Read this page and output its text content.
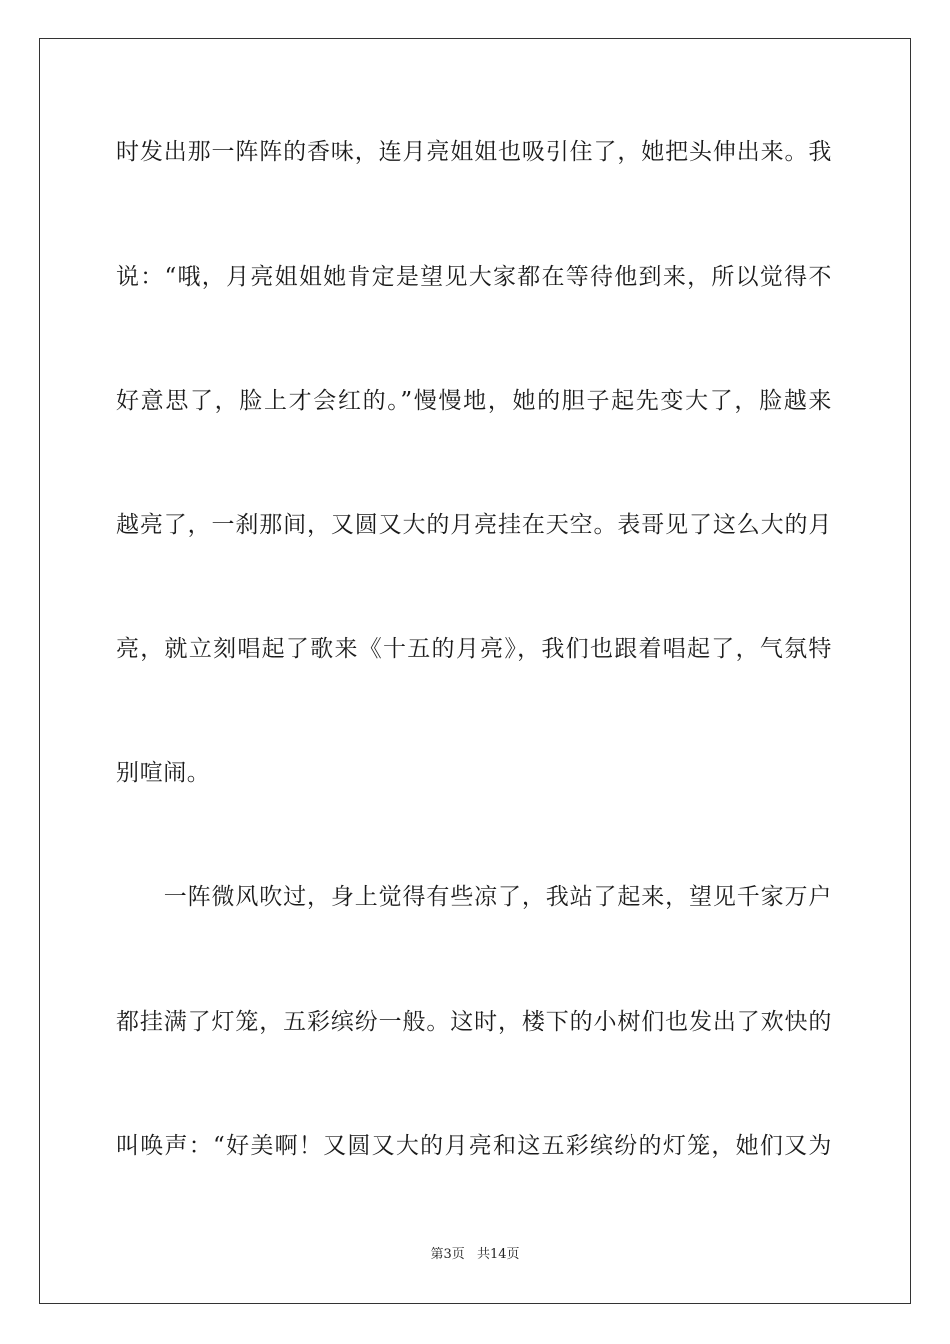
时发出那一阵阵的香味，连月亮姐姐也吸引住了，她把头伸出来。我
说：“哦，月亮姐姐她肯定是望见大家都在等待他到来，所以觉得不
好意思了，脸上才会红的。”慢慢地，她的胆子起先变大了，脸越来
越亮了，一刹那间，又圆又大的月亮挂在天空。表哥见了这么大的月
亮，就立刻唱起了歌来《十五的月亮》，我们也跟着唱起了，气氛特
别喧闹。
　　一阵微风吹过，身上觉得有些凉了，我站了起来，望见千家万户
都挂满了灯笼，五彩缤纷一般。这时，楼下的小树们也发出了欢快的
叫唤声：“好美啊！又圆又大的月亮和这五彩缤纷的灯笼，她们又为
第3页 共14页
